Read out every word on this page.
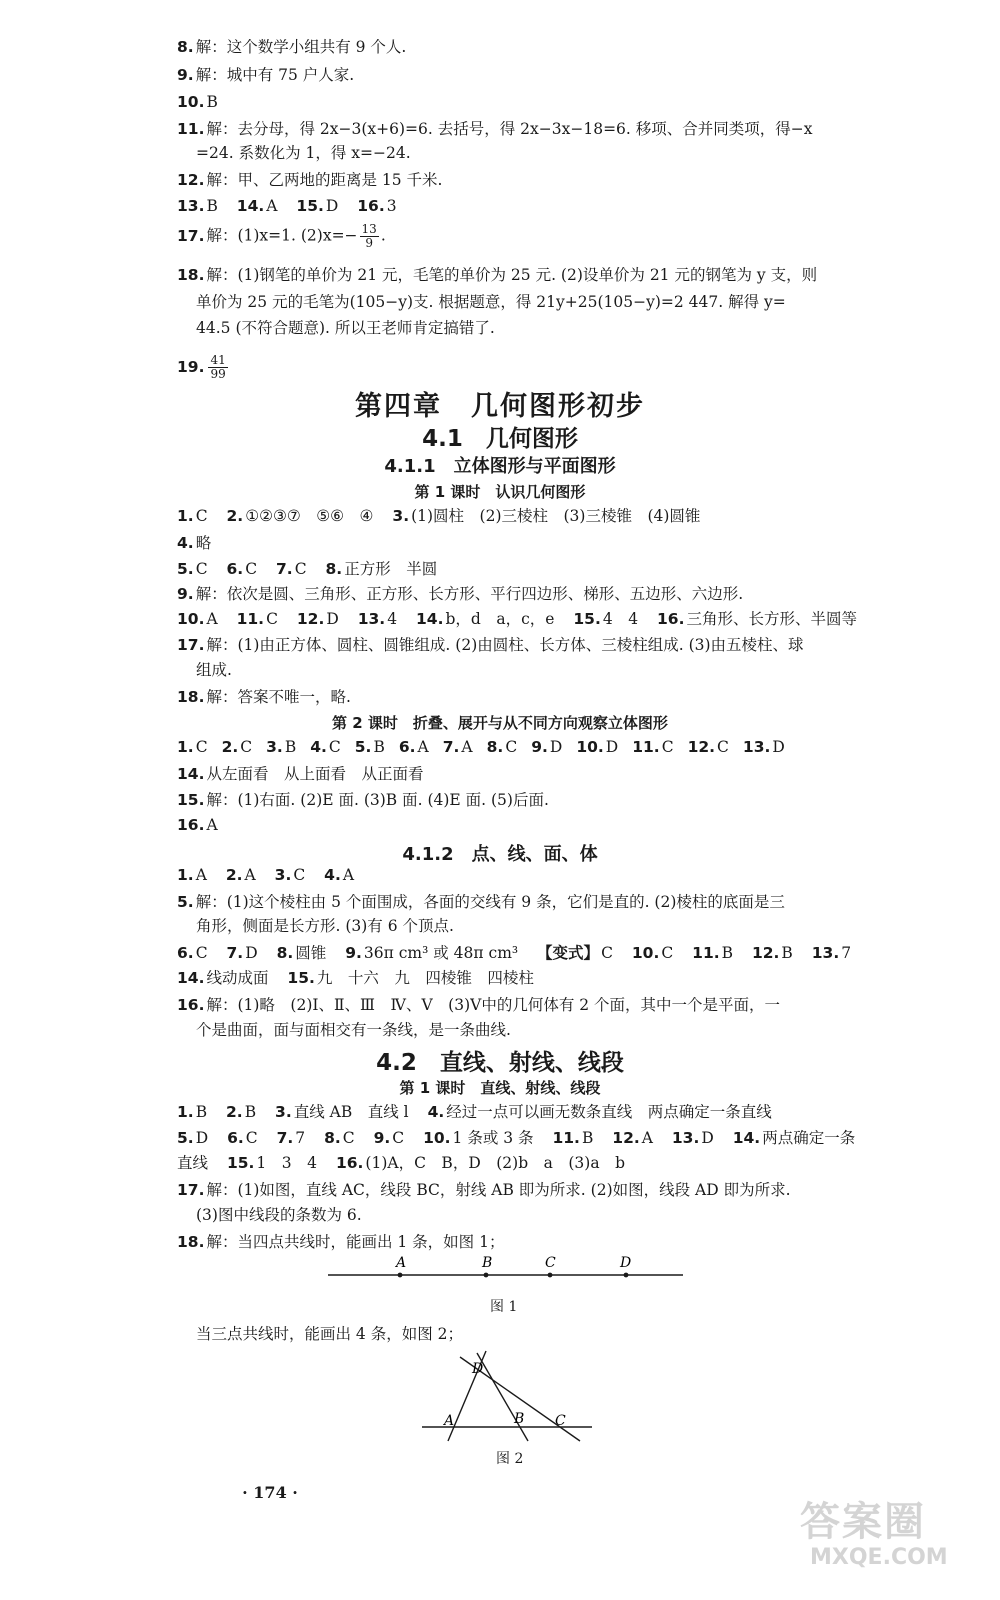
8. 解：这个数学小组共有 9 个人.
9. 解：城中有 75 户人家.
10. B
11. 解：去分母，得 2x−3(x+6)=6. 去括号，得 2x−3x−18=6. 移项、合并同类项，得−x
=24. 系数化为 1，得 x=−24.
12. 解：甲、乙两地的距离是 15 千米.
13. B 14. A 15. D 16. 3
17. 解：(1)x=1. $(2)x=- \frac{13}{9}$ .
18. 解：(1)钢笔的单价为 21 元，毛笔的单价为 25 元. (2)设单价为 21 元的钢笔为 y 支，则
单价为 25 元的毛笔为(105−y)支. 根据题意，得 21y+25(105−y)=2 447. 解得 y=
44.5 (不符合题意). 所以王老师肯定搞错了.
19. $\frac{41}{99}$
第四章　几何图形初步
4.1　几何图形
4.1.1　立体图形与平面图形
第 1 课时　认识几何图形
1. C 2. ①②③⑦　⑤⑥　④ 3. (1)圆柱　(2)三棱柱　(3)三棱锥　(4)圆锥
4. 略
5. C 6. C 7. C 8. 正方形　半圆
9. 解：依次是圆、三角形、正方形、长方形、平行四边形、梯形、五边形、六边形.
10. A 11. C 12. D 13. 4 14. b，d　a，c，e 15. 4　4 16. 三角形、长方形、半圆等
17. 解：(1)由正方体、圆柱、圆锥组成. (2)由圆柱、长方体、三棱柱组成. (3)由五棱柱、球
组成.
18. 解：答案不唯一，略.
第 2 课时　折叠、展开与从不同方向观察立体图形
1. C 2. C 3. B 4. C 5. B 6. A 7. A 8. C 9. D 10. D 11. C 12. C 13. D
14. 从左面看　从上面看　从正面看
15. 解：(1)右面. (2)E 面. (3)B 面. (4)E 面. (5)后面.
16. A
4.1.2　点、线、面、体
1. A 2. A 3. C 4. A
5. 解：(1)这个棱柱由 5 个面围成，各面的交线有 9 条，它们是直的. (2)棱柱的底面是三
角形，侧面是长方形. (3)有 6 个顶点.
6. C 7. D 8. 圆锥 9. 36π cm³ 或 48π cm³ 【变式】 C 10. C 11. B 12. B 13. 7
14. 线动成面 15. 九　十六　九　四棱锥　四棱柱
16. 解：(1)略　(2)Ⅰ、Ⅱ、Ⅲ　Ⅳ、Ⅴ　(3)Ⅴ中的几何体有 2 个面，其中一个是平面，一
个是曲面，面与面相交有一条线，是一条曲线.
4.2　直线、射线、线段
第 1 课时　直线、射线、线段
1. B 2. B 3. 直线 AB　直线 l 4. 经过一点可以画无数条直线　两点确定一条直线
5. D 6. C 7. 7 8. C 9. C 10. 1 条或 3 条 11. B 12. A 13. D 14. 两点确定一条
直线 15. 1　3　4 16. (1)A，C　B，D　(2)b　a　(3)a　b
17. 解：(1)如图，直线 AC，线段 BC，射线 AB 即为所求. (2)如图，线段 AD 即为所求.
(3)图中线段的条数为 6.
18. 解：当四点共线时，能画出 1 条，如图 1；
A	B	C	D
图 1
当三点共线时，能画出 4 条，如图 2；
D
A	B C
图 2
· 174 ·
答案圈
MXQE.COM
